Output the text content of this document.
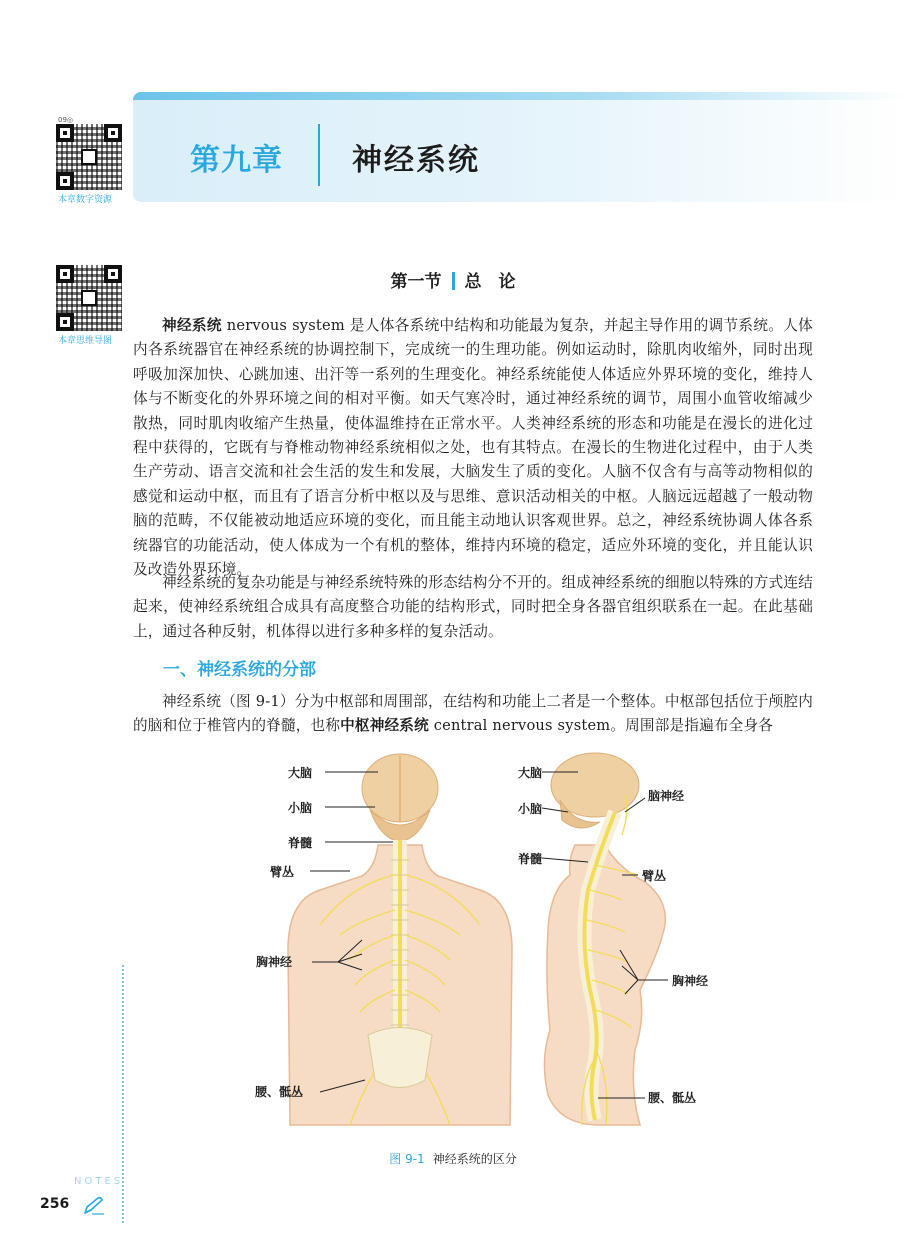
第九章 神经系统
09◎
本章数字资源
本章思维导图
第一节 总　论

神经系统 nervous system 是人体各系统中结构和功能最为复杂，并起主导作用的调节系统。人体内各系统器官在神经系统的协调控制下，完成统一的生理功能。例如运动时，除肌肉收缩外，同时出现呼吸加深加快、心跳加速、出汗等一系列的生理变化。神经系统能使人体适应外界环境的变化，维持人体与不断变化的外界环境之间的相对平衡。如天气寒冷时，通过神经系统的调节，周围小血管收缩减少散热，同时肌肉收缩产生热量，使体温维持在正常水平。人类神经系统的形态和功能是在漫长的进化过程中获得的，它既有与脊椎动物神经系统相似之处，也有其特点。在漫长的生物进化过程中，由于人类生产劳动、语言交流和社会生活的发生和发展，大脑发生了质的变化。人脑不仅含有与高等动物相似的感觉和运动中枢，而且有了语言分析中枢以及与思维、意识活动相关的中枢。人脑远远超越了一般动物脑的范畴，不仅能被动地适应环境的变化，而且能主动地认识客观世界。总之，神经系统协调人体各系统器官的功能活动，使人体成为一个有机的整体，维持内环境的稳定，适应外环境的变化，并且能认识及改造外界环境。

神经系统的复杂功能是与神经系统特殊的形态结构分不开的。组成神经系统的细胞以特殊的方式连结起来，使神经系统组合成具有高度整合功能的结构形式，同时把全身各器官组织联系在一起。在此基础上，通过各种反射，机体得以进行多种多样的复杂活动。

一、神经系统的分部

神经系统（图 9-1）分为中枢部和周围部，在结构和功能上二者是一个整体。中枢部包括位于颅腔内的脑和位于椎管内的脊髓，也称中枢神经系统 central nervous system。周围部是指遍布全身各

大脑
小脑
脊髓
臂丛
胸神经
腰、骶丛
大脑
脑神经
小脑
脊髓
臂丛
胸神经
腰、骶丛
图 9-1 神经系统的区分
NOTES
256
